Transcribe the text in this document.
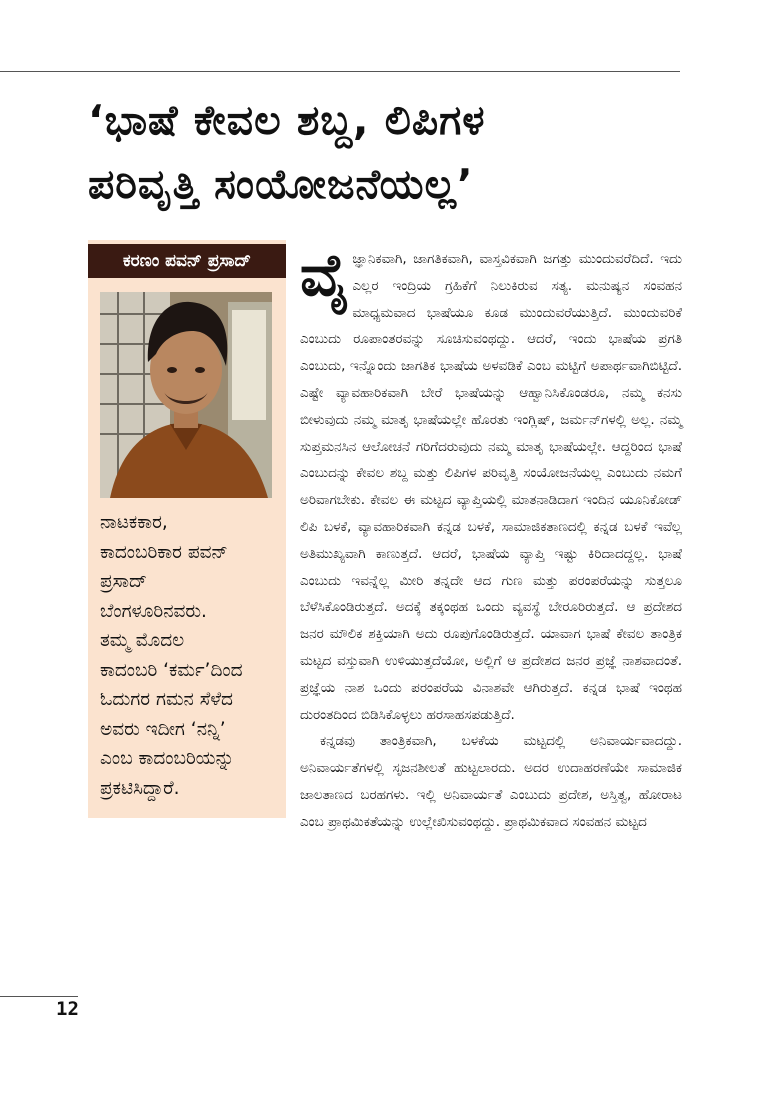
‘ಭಾಷೆ ಕೇವಲ ಶಬ್ದ, ಲಿಪಿಗಳ
ಪರಿವೃತ್ತಿ ಸಂಯೋಜನೆಯಲ್ಲ’
ಕರಣಂ ಪವನ್ ಪ್ರಸಾದ್
ನಾಟಕಕಾರ,
ಕಾದಂಬರಿಕಾರ ಪವನ್
ಪ್ರಸಾದ್
ಬೆಂಗಳೂರಿನವರು.
ತಮ್ಮ ಮೊದಲ
ಕಾದಂಬರಿ ‘ಕರ್ಮ’ದಿಂದ
ಓದುಗರ ಗಮನ ಸೆಳೆದ
ಅವರು ಇದೀಗ ‘ನನ್ನಿ’
ಎಂಬ ಕಾದಂಬರಿಯನ್ನು
ಪ್ರಕಟಿಸಿದ್ದಾರೆ.
ವೈ ಜ್ಞಾನಿಕವಾಗಿ, ಜಾಗತಿಕವಾಗಿ, ವಾಸ್ತವಿಕವಾಗಿ ಜಗತ್ತು ಮುಂದುವರೆದಿದೆ. ಇದು ಎಲ್ಲರ ಇಂದ್ರಿಯ ಗ್ರಹಿಕೆಗೆ ನಿಲುಕಿರುವ ಸತ್ಯ. ಮನುಷ್ಯನ ಸಂವಹನ ಮಾಧ್ಯಮವಾದ ಭಾಷೆಯೂ ಕೂಡ ಮುಂದುವರೆಯುತ್ತಿದೆ. ಮುಂದುವರಿಕೆ ಎಂಬುದು ರೂಪಾಂತರವನ್ನು ಸೂಚಿಸುವಂಥದ್ದು. ಆದರೆ, ಇಂದು ಭಾಷೆಯ ಪ್ರಗತಿ ಎಂಬುದು, ಇನ್ನೊಂದು ಜಾಗತಿಕ ಭಾಷೆಯ ಅಳವಡಿಕೆ ಎಂಬ ಮಟ್ಟಿಗೆ ಅಪಾರ್ಥವಾಗಿಬಿಟ್ಟಿದೆ. ಎಷ್ಟೇ ವ್ಯಾವಹಾರಿಕವಾಗಿ ಬೇರೆ ಭಾಷೆಯನ್ನು ಆಹ್ವಾನಿಸಿಕೊಂಡರೂ, ನಮ್ಮ ಕನಸು ಬೀಳುವುದು ನಮ್ಮ ಮಾತೃ ಭಾಷೆಯಲ್ಲೇ ಹೊರತು ಇಂಗ್ಲಿಷ್, ಜರ್ಮನ್‌ಗಳಲ್ಲಿ ಅಲ್ಲ. ನಮ್ಮ ಸುಪ್ತಮನಸಿನ ಆಲೋಚನೆ ಗರಿಗೆದರುವುದು ನಮ್ಮ ಮಾತೃ ಭಾಷೆಯಲ್ಲೇ. ಆದ್ದರಿಂದ ಭಾಷೆ ಎಂಬುದನ್ನು ಕೇವಲ ಶಬ್ದ ಮತ್ತು ಲಿಪಿಗಳ ಪರಿವೃತ್ತಿ ಸಂಯೋಜನೆಯಲ್ಲ ಎಂಬುದು ನಮಗೆ ಅರಿವಾಗಬೇಕು. ಕೇವಲ ಈ ಮಟ್ಟದ ವ್ಯಾಪ್ತಿಯಲ್ಲಿ ಮಾತನಾಡಿದಾಗ ಇಂದಿನ ಯೂನಿಕೋಡ್ ಲಿಪಿ ಬಳಕೆ, ವ್ಯಾವಹಾರಿಕವಾಗಿ ಕನ್ನಡ ಬಳಕೆ, ಸಾಮಾಜಿಕತಾಣದಲ್ಲಿ ಕನ್ನಡ ಬಳಕೆ ಇವೆಲ್ಲ ಅತಿಮುಖ್ಯವಾಗಿ ಕಾಣುತ್ತದೆ. ಆದರೆ, ಭಾಷೆಯ ವ್ಯಾಪ್ತಿ ಇಷ್ಟು ಕಿರಿದಾದದ್ದಲ್ಲ. ಭಾಷೆ ಎಂಬುದು ಇವನ್ನೆಲ್ಲ ಮೀರಿ ತನ್ನದೇ ಆದ ಗುಣ ಮತ್ತು ಪರಂಪರೆಯನ್ನು ಸುತ್ತಲೂ ಬೆಳೆಸಿಕೊಂಡಿರುತ್ತದೆ. ಅದಕ್ಕೆ ತಕ್ಕಂಥಹ ಒಂದು ವ್ಯವಸ್ಥೆ ಬೇರೂರಿರುತ್ತದೆ. ಆ ಪ್ರದೇಶದ ಜನರ ಮೌಲಿಕ ಶಕ್ತಿಯಾಗಿ ಅದು ರೂಪುಗೊಂಡಿರುತ್ತದೆ. ಯಾವಾಗ ಭಾಷೆ ಕೇವಲ ತಾಂತ್ರಿಕ ಮಟ್ಟದ ವಸ್ತುವಾಗಿ ಉಳಿಯುತ್ತದೆಯೋ, ಅಲ್ಲಿಗೆ ಆ ಪ್ರದೇಶದ ಜನರ ಪ್ರಜ್ಞೆ ನಾಶವಾದಂತೆ. ಪ್ರಜ್ಞೆಯ ನಾಶ ಒಂದು ಪರಂಪರೆಯ ವಿನಾಶವೇ ಆಗಿರುತ್ತದೆ. ಕನ್ನಡ ಭಾಷೆ ಇಂಥಹ ದುರಂತದಿಂದ ಬಿಡಿಸಿಕೊಳ್ಳಲು ಹರಸಾಹಸಪಡುತ್ತಿದೆ.

ಕನ್ನಡವು ತಾಂತ್ರಿಕವಾಗಿ, ಬಳಕೆಯ ಮಟ್ಟದಲ್ಲಿ ಅನಿವಾರ್ಯವಾದದ್ದು. ಅನಿವಾರ್ಯತೆಗಳಲ್ಲಿ ಸೃಜನಶೀಲತೆ ಹುಟ್ಟಲಾರದು. ಅದರ ಉದಾಹರಣೆಯೇ ಸಾಮಾಜಿಕ ಜಾಲತಾಣದ ಬರಹಗಳು. ಇಲ್ಲಿ ಅನಿವಾರ್ಯತೆ ಎಂಬುದು ಪ್ರದೇಶ, ಅಸ್ತಿತ್ವ, ಹೋರಾಟ ಎಂಬ ಪ್ರಾಥಮಿಕತೆಯನ್ನು ಉಲ್ಲೇಖಿಸುವಂಥದ್ದು. ಪ್ರಾಥಮಿಕವಾದ ಸಂವಹನ ಮಟ್ಟದ

12
